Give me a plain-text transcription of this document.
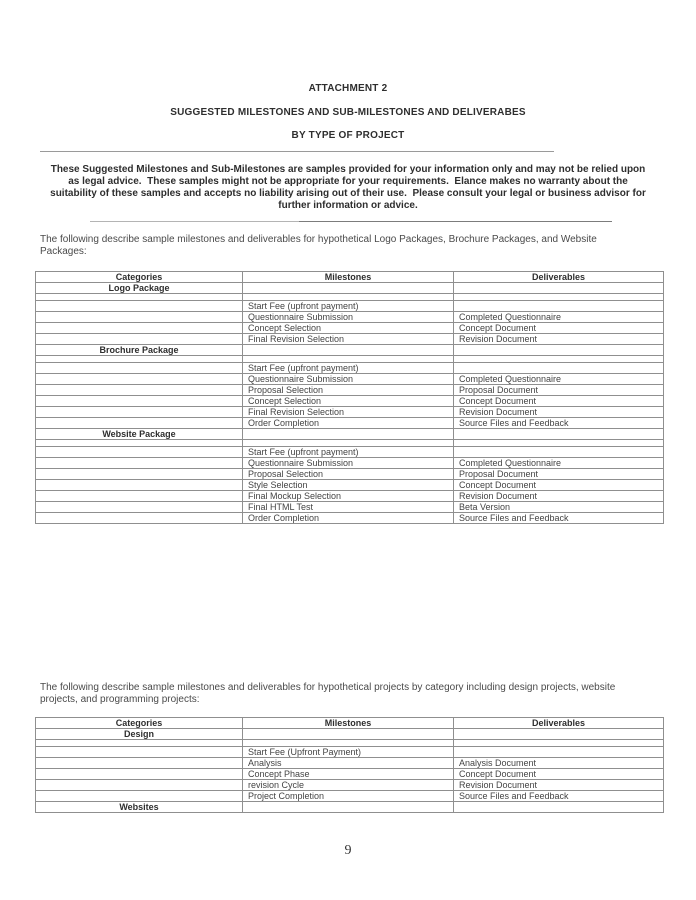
ATTACHMENT 2
SUGGESTED MILESTONES AND SUB-MILESTONES AND DELIVERABES
BY TYPE OF PROJECT
These Suggested Milestones and Sub-Milestones are samples provided for your information only and may not be relied upon
as legal advice.  These samples might not be appropriate for your requirements.  Elance makes no warranty about the
suitability of these samples and accepts no liability arising out of their use.  Please consult your legal or business advisor for
further information or advice.
The following describe sample milestones and deliverables for hypothetical Logo Packages, Brochure Packages, and Website
Packages:
Categories	Milestones	Deliverables
Logo Package		

	Start Fee (upfront payment)	
	Questionnaire Submission	Completed Questionnaire
	Concept Selection	Concept Document
	Final Revision Selection	Revision Document
Brochure Package		

	Start Fee (upfront payment)	
	Questionnaire Submission	Completed Questionnaire
	Proposal Selection	Proposal Document
	Concept Selection	Concept Document
	Final Revision Selection	Revision Document
	Order Completion	Source Files and Feedback
Website Package		

	Start Fee (upfront payment)	
	Questionnaire Submission	Completed Questionnaire
	Proposal Selection	Proposal Document
	Style Selection	Concept Document
	Final Mockup Selection	Revision Document
	Final HTML Test	Beta Version
	Order Completion	Source Files and Feedback
The following describe sample milestones and deliverables for hypothetical projects by category including design projects, website
projects, and programming projects:
Categories	Milestones	Deliverables
Design		

	Start Fee (Upfront Payment)	
	Analysis	Analysis Document
	Concept Phase	Concept Document
	revision Cycle	Revision Document
	Project Completion	Source Files and Feedback
Websites		
9
